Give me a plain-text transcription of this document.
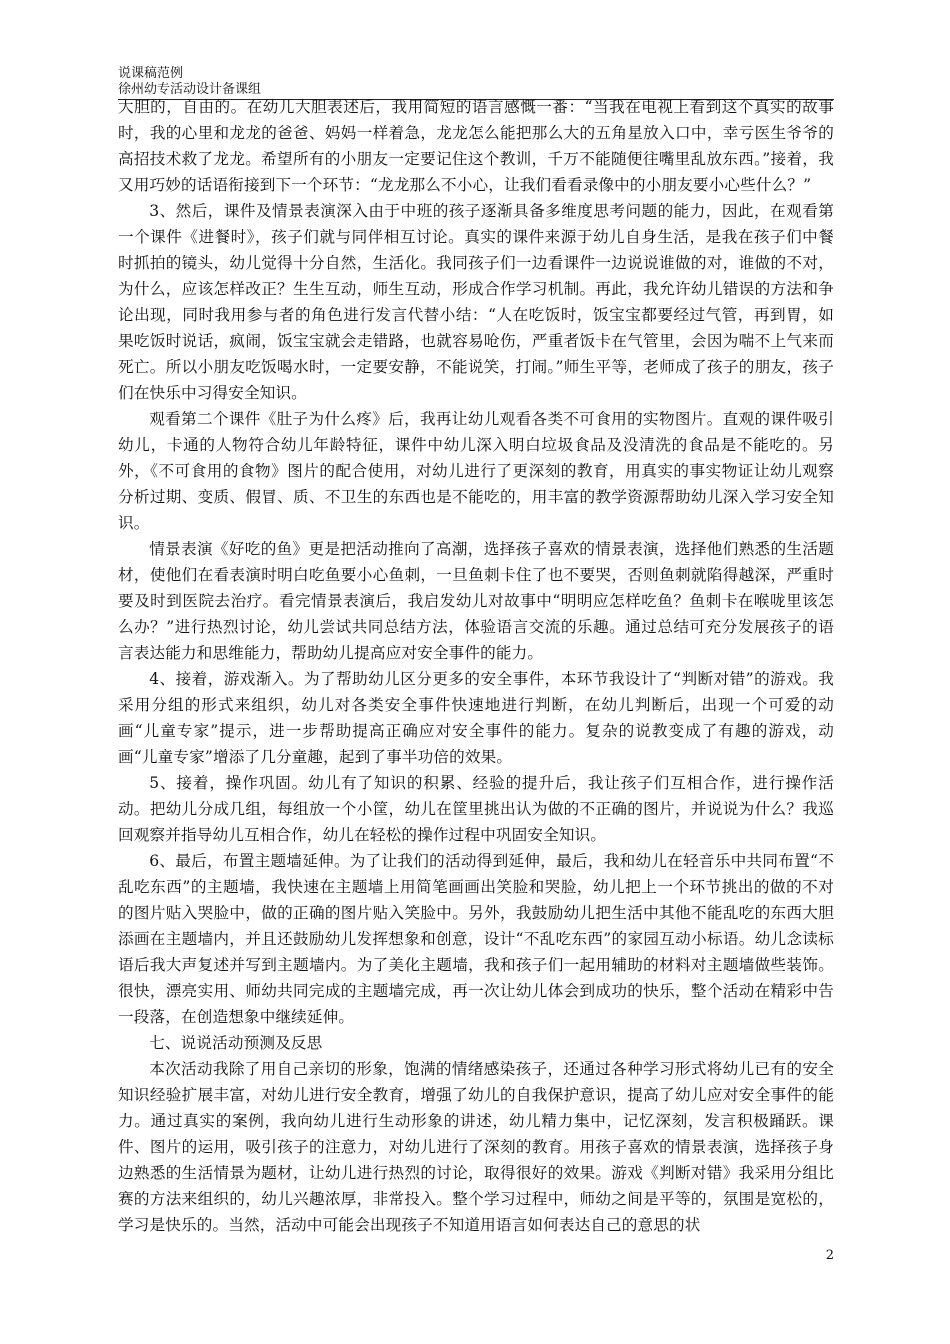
说课稿范例
徐州幼专活动设计备课组

大胆的，自由的。在幼儿大胆表述后，我用简短的语言感慨一番：“当我在电视上看到这个真实的故事时，我的心里和龙龙的爸爸、妈妈一样着急，龙龙怎么能把那么大的五角星放入口中，幸亏医生爷爷的高招技术救了龙龙。希望所有的小朋友一定要记住这个教训，千万不能随便往嘴里乱放东西。”接着，我又用巧妙的话语衔接到下一个环节：“龙龙那么不小心，让我们看看录像中的小朋友要小心些什么？”

3、然后，课件及情景表演深入由于中班的孩子逐渐具备多维度思考问题的能力，因此，在观看第一个课件《进餐时》，孩子们就与同伴相互讨论。真实的课件来源于幼儿自身生活，是我在孩子们中餐时抓拍的镜头，幼儿觉得十分自然，生活化。我同孩子们一边看课件一边说说谁做的对，谁做的不对，为什么，应该怎样改正？生生互动，师生互动，形成合作学习机制。再此，我允许幼儿错误的方法和争论出现，同时我用参与者的角色进行发言代替小结：“人在吃饭时，饭宝宝都要经过气管，再到胃，如果吃饭时说话，疯闹，饭宝宝就会走错路，也就容易呛伤，严重者饭卡在气管里，会因为喘不上气来而死亡。所以小朋友吃饭喝水时，一定要安静，不能说笑，打闹。”师生平等，老师成了孩子的朋友，孩子们在快乐中习得安全知识。

观看第二个课件《肚子为什么疼》后，我再让幼儿观看各类不可食用的实物图片。直观的课件吸引幼儿，卡通的人物符合幼儿年龄特征，课件中幼儿深入明白垃圾食品及没清洗的食品是不能吃的。另外，《不可食用的食物》图片的配合使用，对幼儿进行了更深刻的教育，用真实的事实物证让幼儿观察分析过期、变质、假冒、质、不卫生的东西也是不能吃的，用丰富的教学资源帮助幼儿深入学习安全知识。

情景表演《好吃的鱼》更是把活动推向了高潮，选择孩子喜欢的情景表演，选择他们熟悉的生活题材，使他们在看表演时明白吃鱼要小心鱼刺，一旦鱼刺卡住了也不要哭，否则鱼刺就陷得越深，严重时要及时到医院去治疗。看完情景表演后，我启发幼儿对故事中“明明应怎样吃鱼？鱼刺卡在喉咙里该怎么办？”进行热烈讨论，幼儿尝试共同总结方法，体验语言交流的乐趣。通过总结可充分发展孩子的语言表达能力和思维能力，帮助幼儿提高应对安全事件的能力。

4、接着，游戏渐入。为了帮助幼儿区分更多的安全事件，本环节我设计了“判断对错”的游戏。我采用分组的形式来组织，幼儿对各类安全事件快速地进行判断，在幼儿判断后，出现一个可爱的动画“儿童专家”提示，进一步帮助提高正确应对安全事件的能力。复杂的说教变成了有趣的游戏，动画“儿童专家”增添了几分童趣，起到了事半功倍的效果。

5、接着，操作巩固。幼儿有了知识的积累、经验的提升后，我让孩子们互相合作，进行操作活动。把幼儿分成几组，每组放一个小筐，幼儿在筐里挑出认为做的不正确的图片，并说说为什么？我巡回观察并指导幼儿互相合作，幼儿在轻松的操作过程中巩固安全知识。

6、最后，布置主题墙延伸。为了让我们的活动得到延伸，最后，我和幼儿在轻音乐中共同布置“不乱吃东西”的主题墙，我快速在主题墙上用简笔画画出笑脸和哭脸，幼儿把上一个环节挑出的做的不对的图片贴入哭脸中，做的正确的图片贴入笑脸中。另外，我鼓励幼儿把生活中其他不能乱吃的东西大胆添画在主题墙内，并且还鼓励幼儿发挥想象和创意，设计“不乱吃东西”的家园互动小标语。幼儿念读标语后我大声复述并写到主题墙内。为了美化主题墙，我和孩子们一起用辅助的材料对主题墙做些装饰。很快，漂亮实用、师幼共同完成的主题墙完成，再一次让幼儿体会到成功的快乐，整个活动在精彩中告一段落，在创造想象中继续延伸。

七、说说活动预测及反思

本次活动我除了用自己亲切的形象，饱满的情绪感染孩子，还通过各种学习形式将幼儿已有的安全知识经验扩展丰富，对幼儿进行安全教育，增强了幼儿的自我保护意识，提高了幼儿应对安全事件的能力。通过真实的案例，我向幼儿进行生动形象的讲述，幼儿精力集中，记忆深刻，发言积极踊跃。课件、图片的运用，吸引孩子的注意力，对幼儿进行了深刻的教育。用孩子喜欢的情景表演，选择孩子身边熟悉的生活情景为题材，让幼儿进行热烈的讨论，取得很好的效果。游戏《判断对错》我采用分组比赛的方法来组织的，幼儿兴趣浓厚，非常投入。整个学习过程中，师幼之间是平等的，氛围是宽松的，学习是快乐的。当然，活动中可能会出现孩子不知道用语言如何表达自己的意思的状

2
